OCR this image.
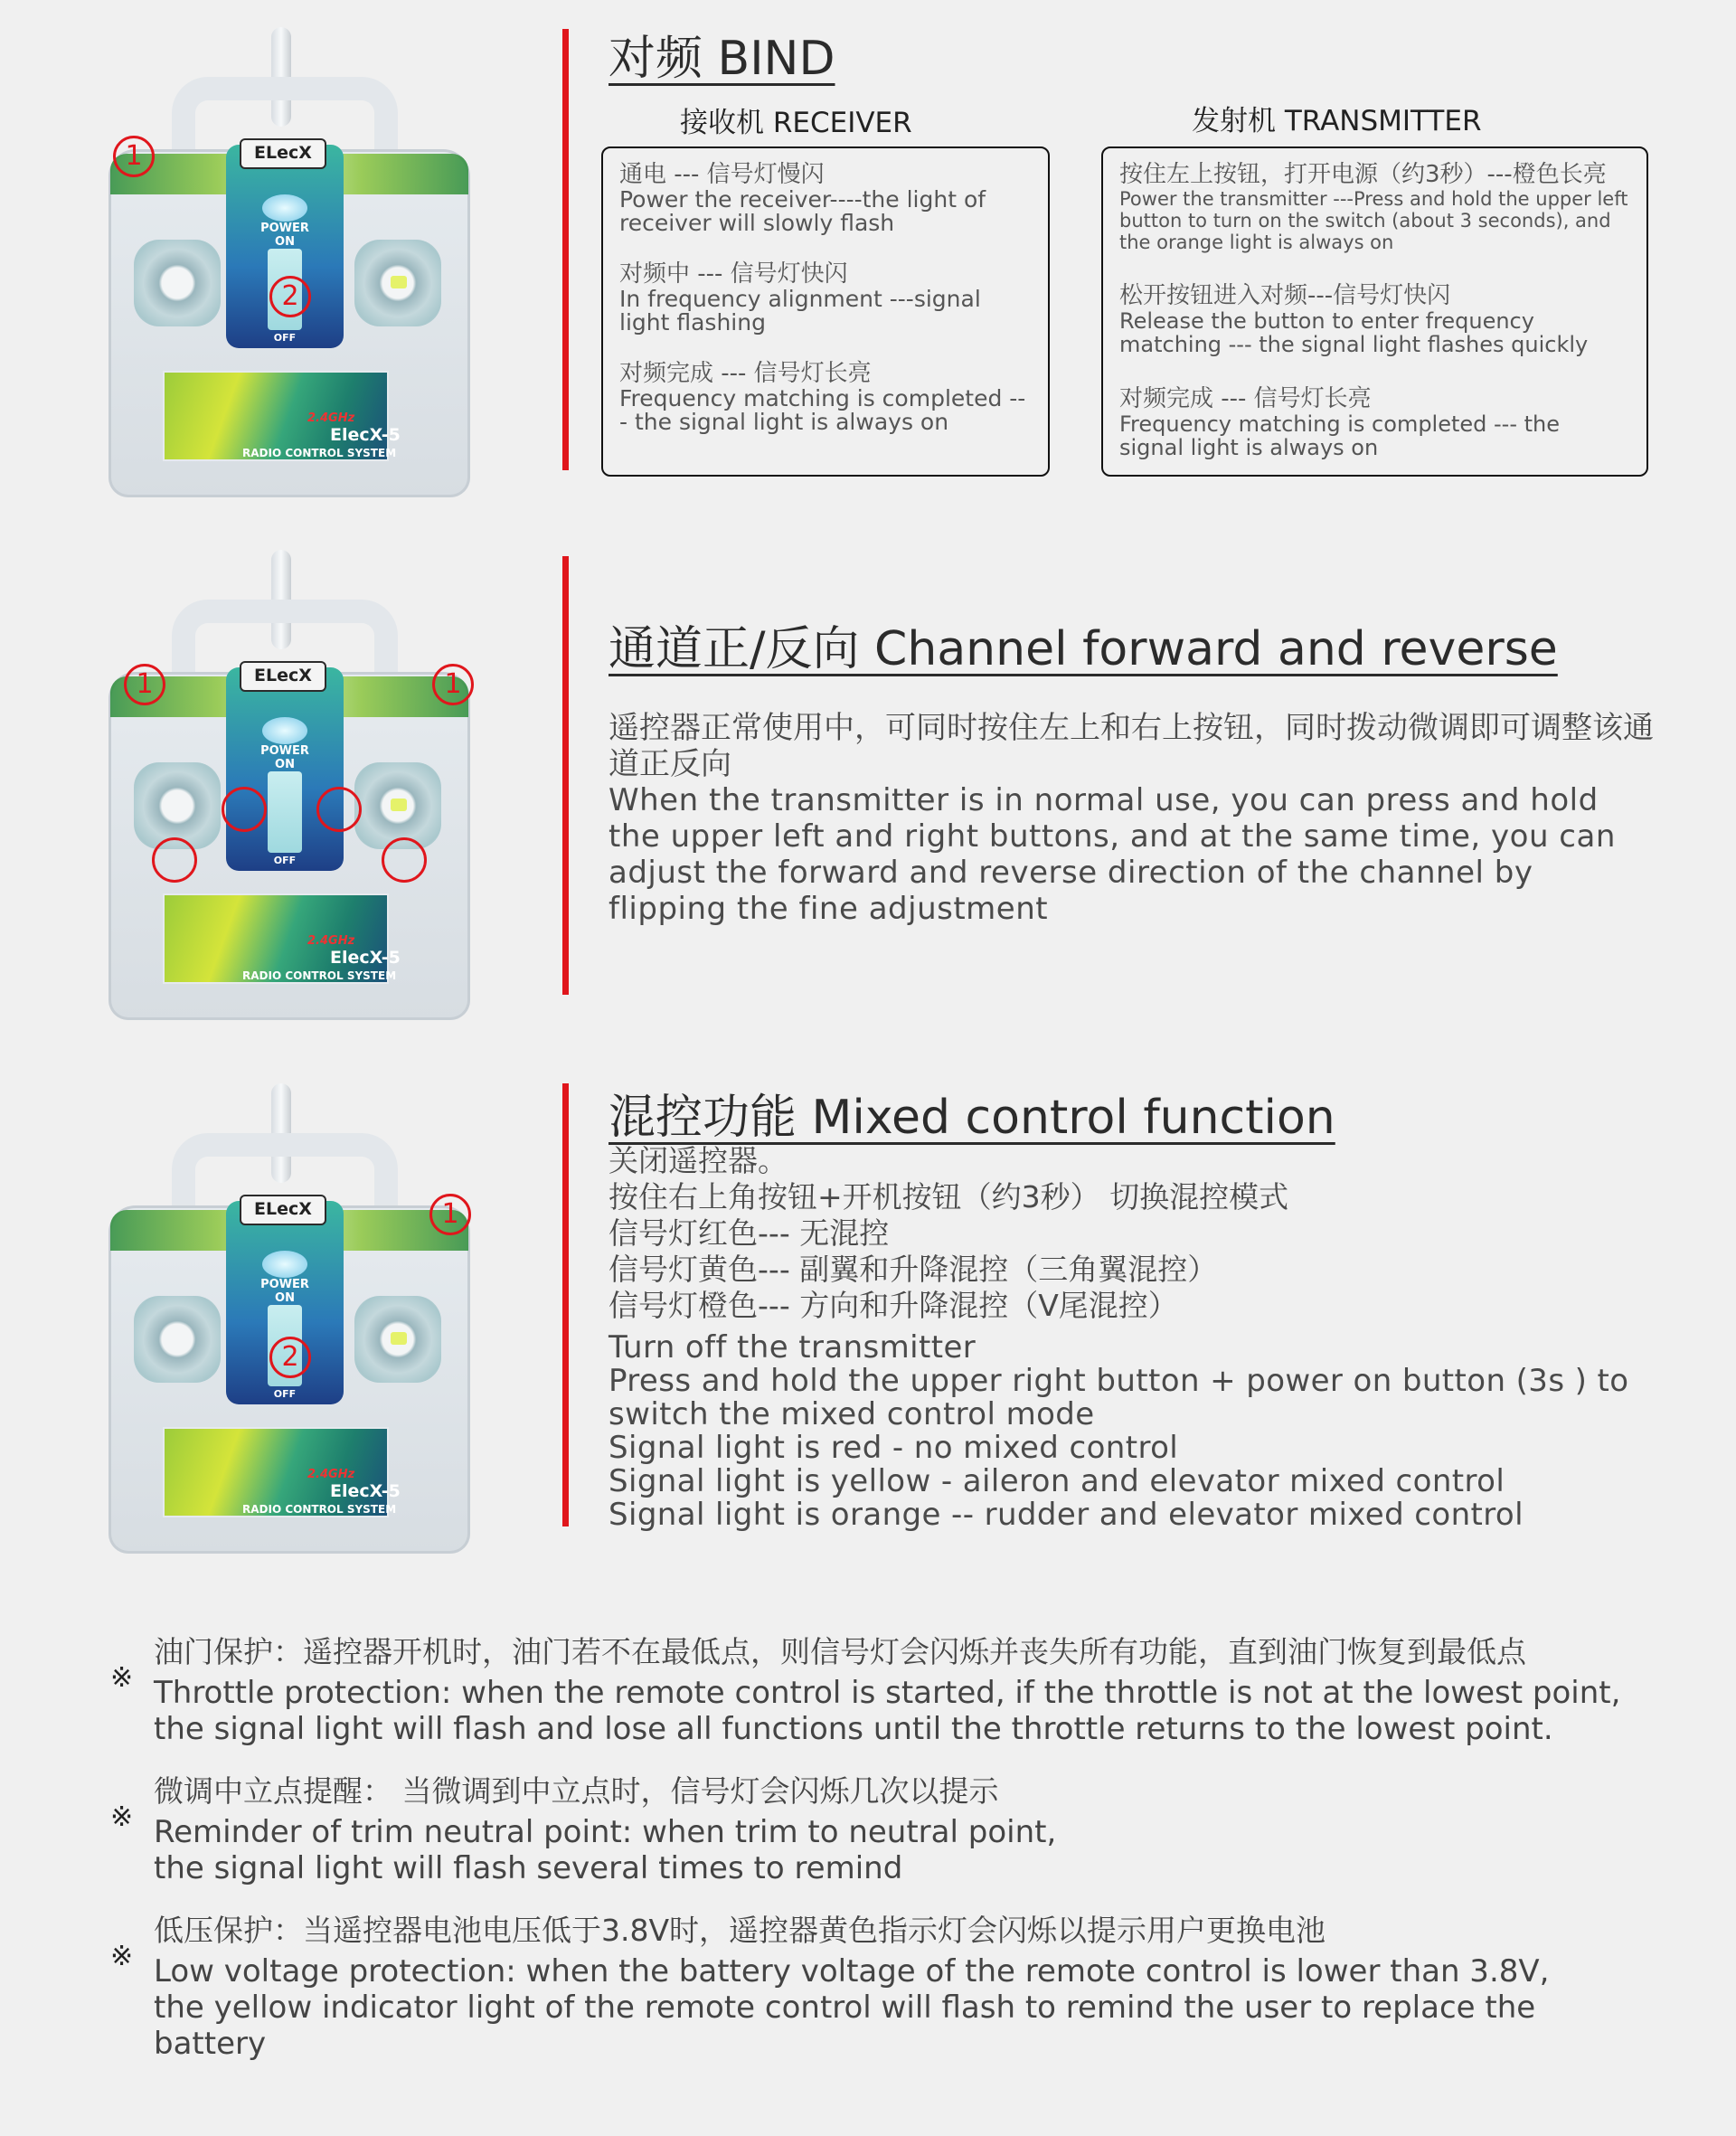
ELecX
POWER
ON
OFF
2.4GHz
ElecX-5
RADIO CONTROL SYSTEM
1
2
对频 BIND
接收机 RECEIVER	发射机 TRANSMITTER

通电 --- 信号灯慢闪
Power the receiver----the light of receiver will slowly flash

对频中 --- 信号灯快闪
In frequency alignment ---signal light flashing

对频完成 --- 信号灯长亮
Frequency matching is completed --- the signal light is always on

按住左上按钮，打开电源（约3秒）---橙色长亮
Power the transmitter ---Press and hold the upper left button to turn on the switch (about 3 seconds), and the orange light is always on

松开按钮进入对频---信号灯快闪
Release the button to enter frequency matching --- the signal light flashes quickly

对频完成 --- 信号灯长亮
Frequency matching is completed --- the signal light is always on

ELecX
POWER
ON
OFF
2.4GHz
ElecX-5
RADIO CONTROL SYSTEM
1	1
通道正/反向 Channel forward and reverse
遥控器正常使用中，可同时按住左上和右上按钮，同时拨动微调即可调整该通道正反向
When the transmitter is in normal use, you can press and hold the upper left and right buttons, and at the same time, you can adjust the forward and reverse direction of the channel by flipping the fine adjustment
ELecX
POWER
ON
OFF
2.4GHz
ElecX-5
RADIO CONTROL SYSTEM
1
2
混控功能 Mixed control function
关闭遥控器。
按住右上角按钮+开机按钮（约3秒） 切换混控模式
信号灯红色--- 无混控
信号灯黄色--- 副翼和升降混控（三角翼混控）
信号灯橙色--- 方向和升降混控（V尾混控）
Turn off the transmitter
Press and hold the upper right button + power on button (3s ) to switch the mixed control mode
Signal light is red - no mixed control
Signal light is yellow - aileron and elevator mixed control
Signal light is orange -- rudder and elevator mixed control
※
油门保护：遥控器开机时，油门若不在最低点，则信号灯会闪烁并丧失所有功能，直到油门恢复到最低点
Throttle protection: when the remote control is started, if the throttle is not at the lowest point,
the signal light will flash and lose all functions until the throttle returns to the lowest point.
※
微调中立点提醒： 当微调到中立点时，信号灯会闪烁几次以提示
Reminder of trim neutral point: when trim to neutral point,
the signal light will flash several times to remind
※
低压保护：当遥控器电池电压低于3.8V时，遥控器黄色指示灯会闪烁以提示用户更换电池
Low voltage protection: when the battery voltage of the remote control is lower than 3.8V,
the yellow indicator light of the remote control will flash to remind the user to replace the battery
